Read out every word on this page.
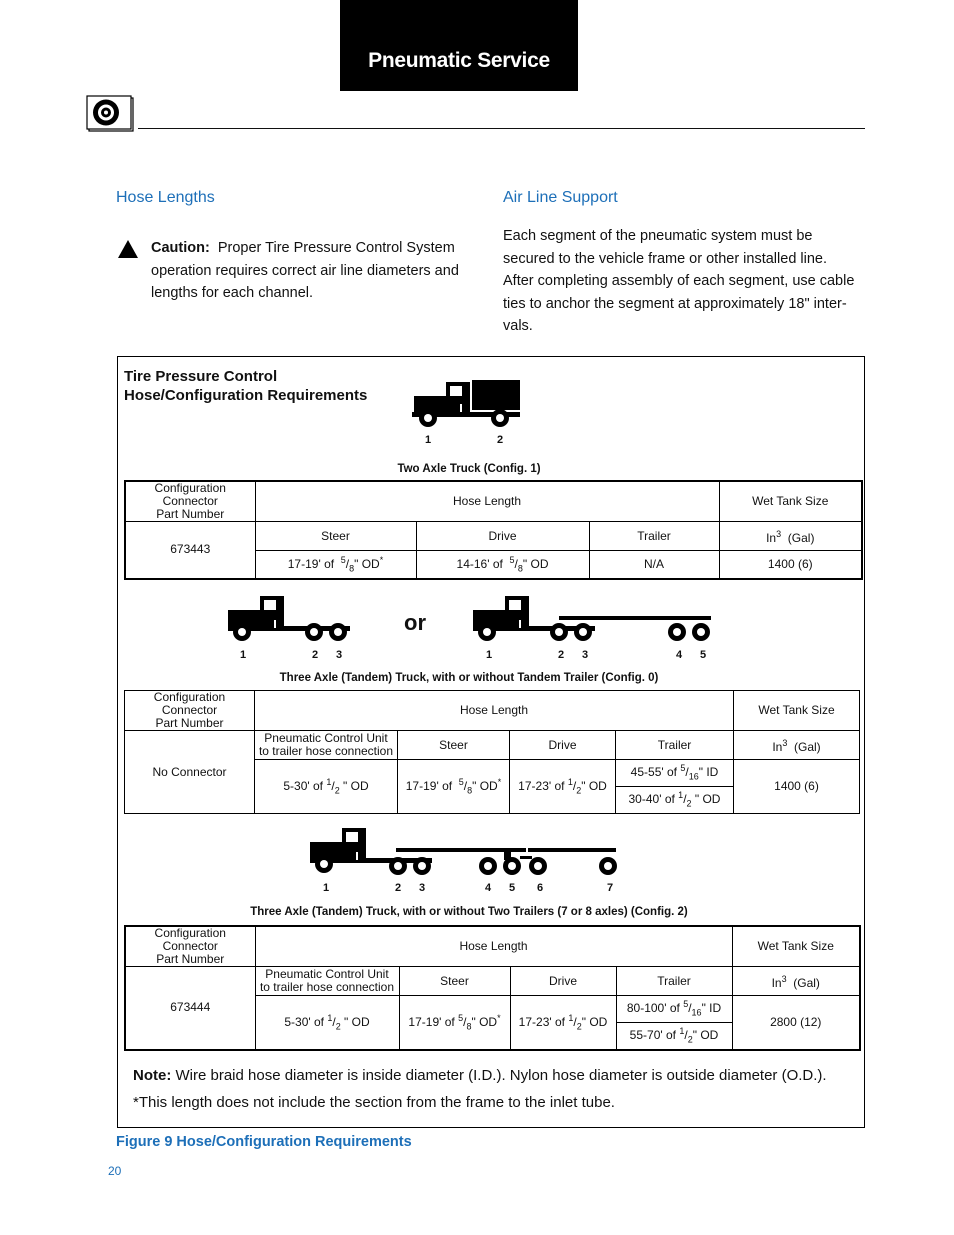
Pneumatic Service
Hose Lengths
Caution: Proper Tire Pressure Control System
operation requires correct air line diameters and
lengths for each channel.
Air Line Support
Each segment of the pneumatic system must be
secured to the vehicle frame or other installed line.
After completing assembly of each segment, use cable
ties to anchor the segment at approximately 18" inter-
vals.
Tire Pressure Control
Hose/Configuration Requirements
1	2
Two Axle Truck (Config. 1)
Configuration Connector
Part Number	Hose Length			Wet Tank Size
673443	Steer	Drive	Trailer	In$^3$ (Gal)
	17-19' of $^5/_8$" OD*	14-16' of $^5/_8$" OD	N/A	1400 (6)
1	2 3
or
1	2 3	4 5
Three Axle (Tandem) Truck, with or without Tandem Trailer (Config. 0)
Configuration Connector
Part Number	Hose Length				Wet Tank Size
No Connector	Pneumatic Control Unit
to trailer hose connection	Steer	Drive	Trailer	In$^3$ (Gal)
	5-30' of $^1/_2$ " OD	17-19' of $^5/_8$" OD*	17-23' of $^1/_2$" OD	45-55' of $^5/_{16}$" ID	1400 (6)
				30-40' of $^1/_2$ " OD	
1	2 3	4 5 6	7
Three Axle (Tandem) Truck, with or without Two Trailers (7 or 8 axles) (Config. 2)
Configuration Connector
Part Number	Hose Length				Wet Tank Size
673444	Pneumatic Control Unit
to trailer hose connection	Steer	Drive	Trailer	In$^3$ (Gal)
	5-30' of $^1/_2$ " OD	17-19' of $^5/_8$" OD*	17-23' of $^1/_2$" OD	80-100' of $^5/_{16}$" ID	2800 (12)
				55-70' of $^1/_2$" OD	
Note: Wire braid hose diameter is inside diameter (I.D.). Nylon hose diameter is outside diameter (O.D.).
*This length does not include the section from the frame to the inlet tube.
Figure 9 Hose/Configuration Requirements
20
